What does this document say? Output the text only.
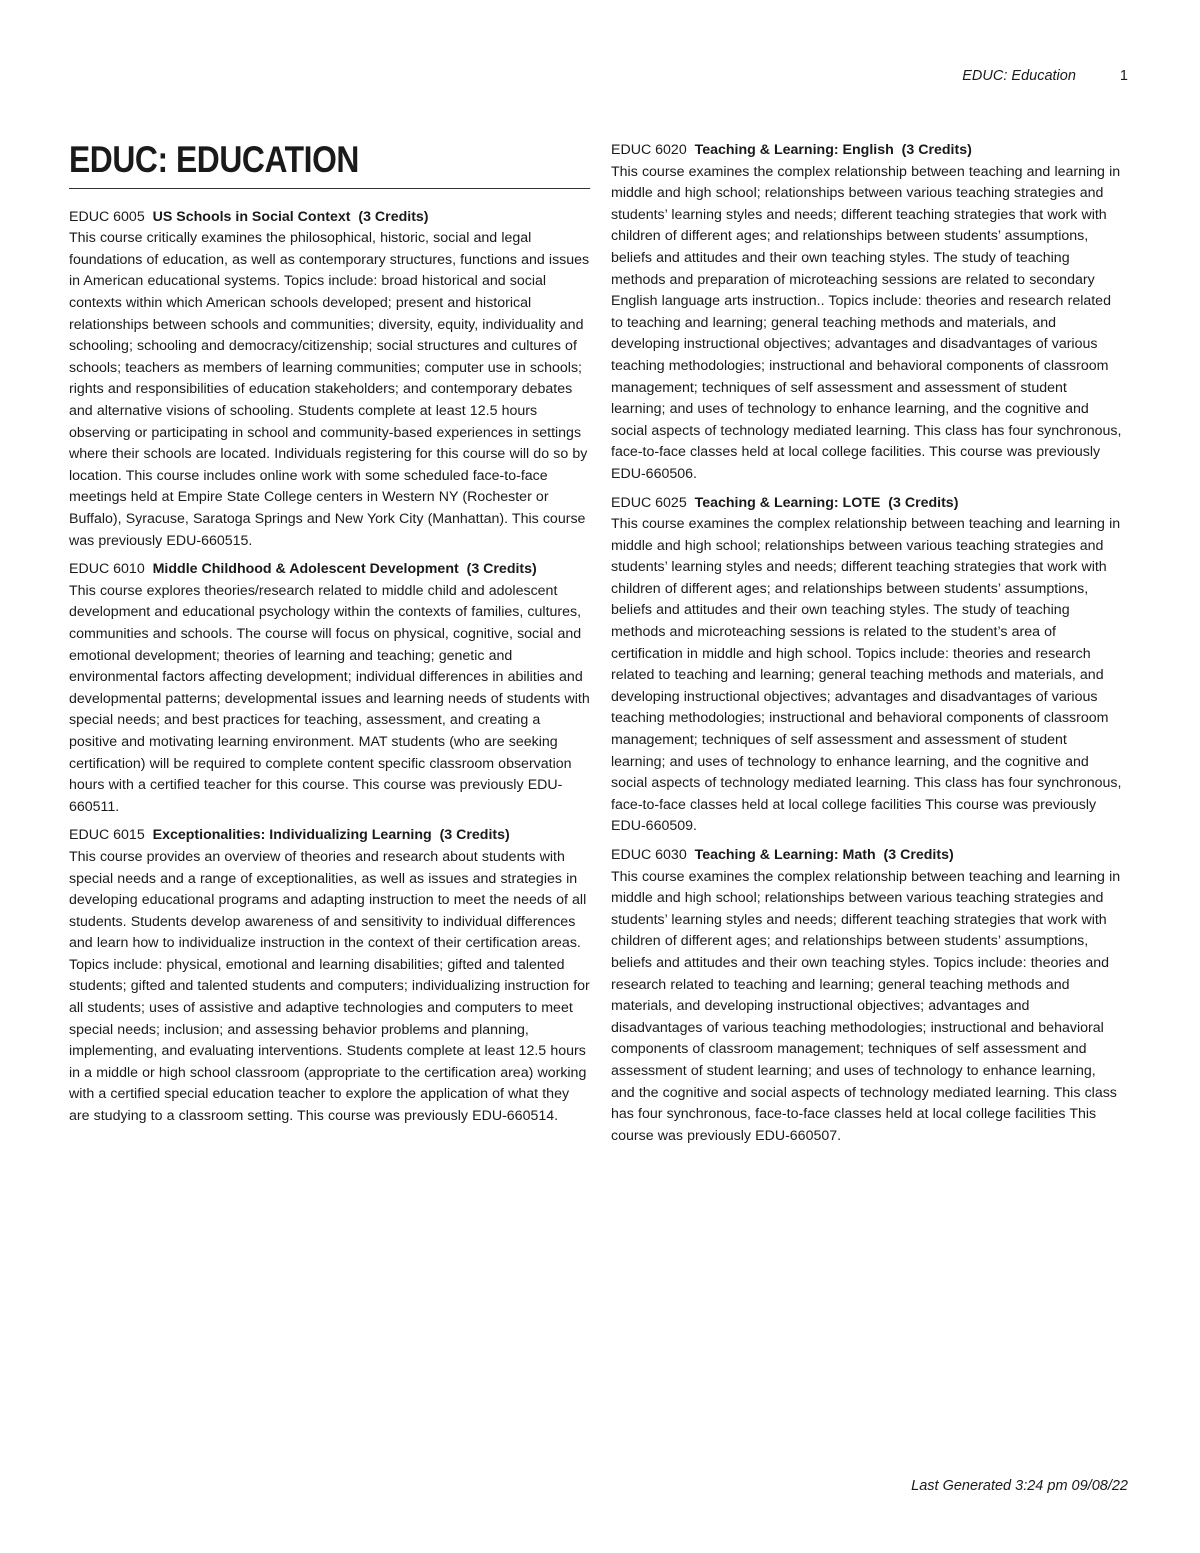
EDUC: Education	1
EDUC: EDUCATION

EDUC 6005 US Schools in Social Context (3 Credits)

This course critically examines the philosophical, historic, social and legal foundations of education, as well as contemporary structures, functions and issues in American educational systems. Topics include: broad historical and social contexts within which American schools developed; present and historical relationships between schools and communities; diversity, equity, individuality and schooling; schooling and democracy/citizenship; social structures and cultures of schools; teachers as members of learning communities; computer use in schools; rights and responsibilities of education stakeholders; and contemporary debates and alternative visions of schooling. Students complete at least 12.5 hours observing or participating in school and community-based experiences in settings where their schools are located. Individuals registering for this course will do so by location. This course includes online work with some scheduled face-to-face meetings held at Empire State College centers in Western NY (Rochester or Buffalo), Syracuse, Saratoga Springs and New York City (Manhattan). This course was previously EDU-660515.

EDUC 6010 Middle Childhood & Adolescent Development (3 Credits)

This course explores theories/research related to middle child and adolescent development and educational psychology within the contexts of families, cultures, communities and schools. The course will focus on physical, cognitive, social and emotional development; theories of learning and teaching; genetic and environmental factors affecting development; individual differences in abilities and developmental patterns; developmental issues and learning needs of students with special needs; and best practices for teaching, assessment, and creating a positive and motivating learning environment. MAT students (who are seeking certification) will be required to complete content specific classroom observation hours with a certified teacher for this course. This course was previously EDU-660511.

EDUC 6015 Exceptionalities: Individualizing Learning (3 Credits)

This course provides an overview of theories and research about students with special needs and a range of exceptionalities, as well as issues and strategies in developing educational programs and adapting instruction to meet the needs of all students. Students develop awareness of and sensitivity to individual differences and learn how to individualize instruction in the context of their certification areas. Topics include: physical, emotional and learning disabilities; gifted and talented students; gifted and talented students and computers; individualizing instruction for all students; uses of assistive and adaptive technologies and computers to meet special needs; inclusion; and assessing behavior problems and planning, implementing, and evaluating interventions. Students complete at least 12.5 hours in a middle or high school classroom (appropriate to the certification area) working with a certified special education teacher to explore the application of what they are studying to a classroom setting. This course was previously EDU-660514.

EDUC 6020 Teaching & Learning: English (3 Credits)

This course examines the complex relationship between teaching and learning in middle and high school; relationships between various teaching strategies and students’ learning styles and needs; different teaching strategies that work with children of different ages; and relationships between students’ assumptions, beliefs and attitudes and their own teaching styles. The study of teaching methods and preparation of microteaching sessions are related to secondary English language arts instruction.. Topics include: theories and research related to teaching and learning; general teaching methods and materials, and developing instructional objectives; advantages and disadvantages of various teaching methodologies; instructional and behavioral components of classroom management; techniques of self assessment and assessment of student learning; and uses of technology to enhance learning, and the cognitive and social aspects of technology mediated learning. This class has four synchronous, face-to-face classes held at local college facilities. This course was previously EDU-660506.

EDUC 6025 Teaching & Learning: LOTE (3 Credits)

This course examines the complex relationship between teaching and learning in middle and high school; relationships between various teaching strategies and students’ learning styles and needs; different teaching strategies that work with children of different ages; and relationships between students’ assumptions, beliefs and attitudes and their own teaching styles. The study of teaching methods and microteaching sessions is related to the student’s area of certification in middle and high school. Topics include: theories and research related to teaching and learning; general teaching methods and materials, and developing instructional objectives; advantages and disadvantages of various teaching methodologies; instructional and behavioral components of classroom management; techniques of self assessment and assessment of student learning; and uses of technology to enhance learning, and the cognitive and social aspects of technology mediated learning. This class has four synchronous, face-to-face classes held at local college facilities This course was previously EDU-660509.

EDUC 6030 Teaching & Learning: Math (3 Credits)

This course examines the complex relationship between teaching and learning in middle and high school; relationships between various teaching strategies and students’ learning styles and needs; different teaching strategies that work with children of different ages; and relationships between students’ assumptions, beliefs and attitudes and their own teaching styles. Topics include: theories and research related to teaching and learning; general teaching methods and materials, and developing instructional objectives; advantages and disadvantages of various teaching methodologies; instructional and behavioral components of classroom management; techniques of self assessment and assessment of student learning; and uses of technology to enhance learning, and the cognitive and social aspects of technology mediated learning. This class has four synchronous, face-to-face classes held at local college facilities This course was previously EDU-660507.

Last Generated 3:24 pm 09/08/22
